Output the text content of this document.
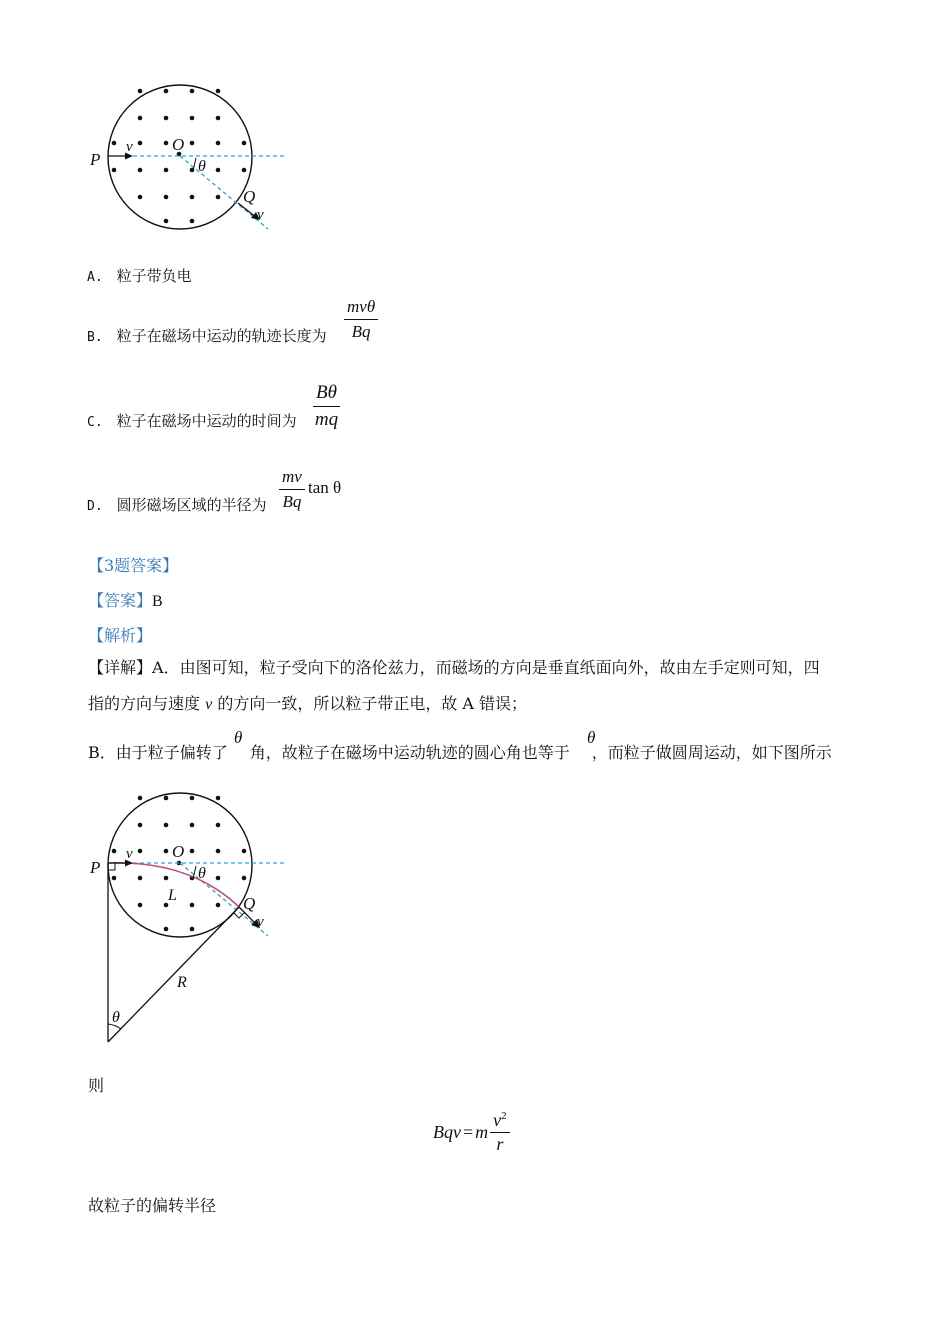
P
v O
θ
Q
v
A. 粒子带负电
B. 粒子在磁场中运动的轨迹长度为
mvθ
Bq
C. 粒子在磁场中运动的时间为 $\frac{B\theta}{mq}$
D. 圆形磁场区域的半径为 $\frac{mv}{Bq}$ tan θ
【3题答案】
【答案】B
【解析】
【详解】A．由图可知，粒子受向下的洛伦兹力，而磁场的方向是垂直纸面向外，故由左手定则可知，四
指的方向与速度 v 的方向一致，所以粒子带正电，故 A 错误；
B．由于粒子偏转了 角，故粒子在磁场中运动轨迹的圆心角也等于 ，而粒子做圆周运动，如下图所示
θ	θ
P
v O
θ
L	Q
v
R
θ
则
Bqv = m
$v^2$
r
故粒子的偏转半径
